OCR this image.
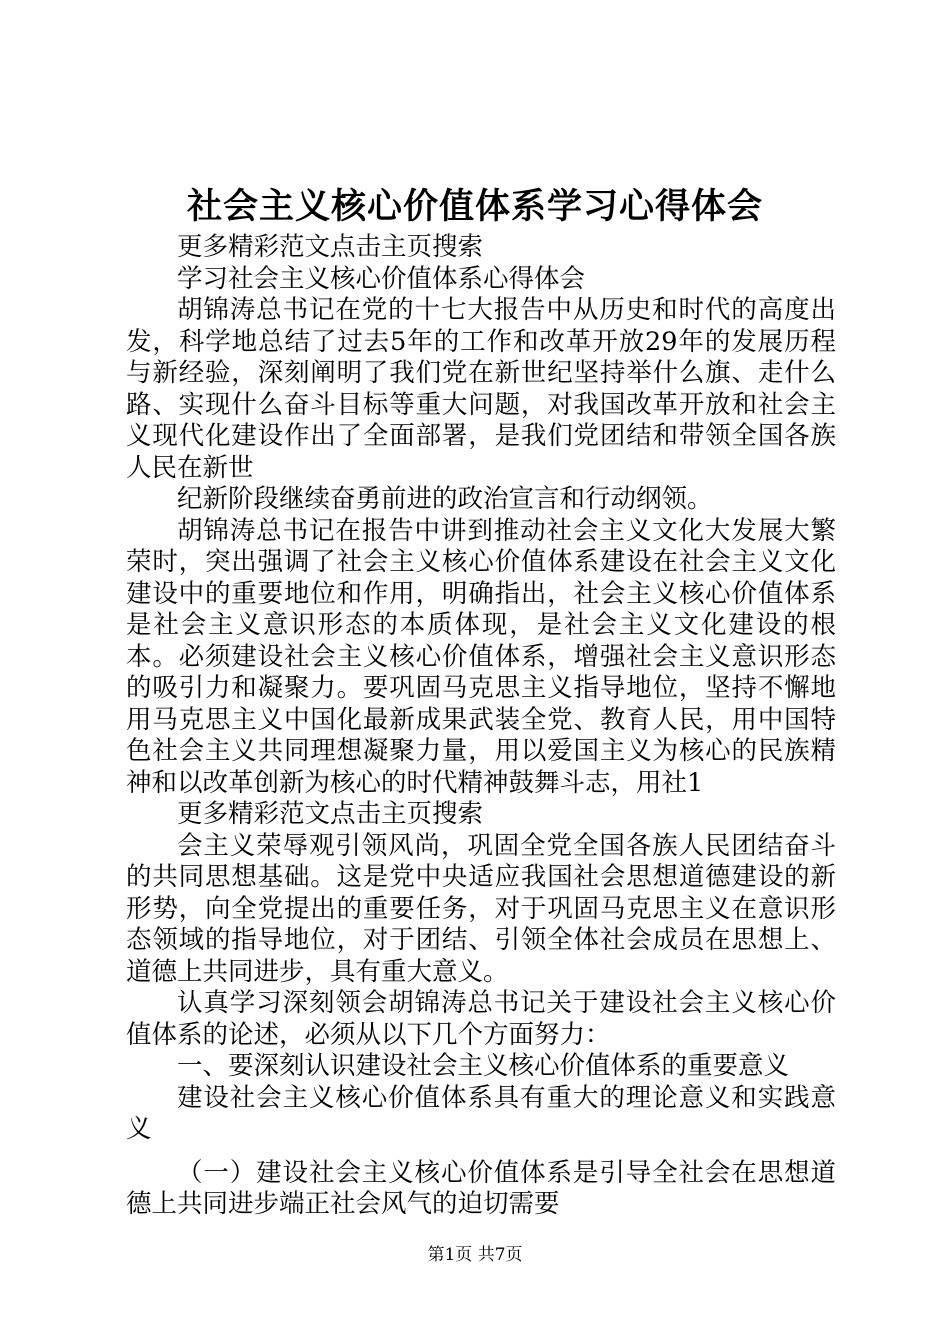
社会主义核心价值体系学习心得体会

更多精彩范文点击主页搜索

学习社会主义核心价值体系心得体会

胡锦涛总书记在党的十七大报告中从历史和时代的高度出发，科学地总结了过去5年的工作和改革开放29年的发展历程与新经验，深刻阐明了我们党在新世纪坚持举什么旗、走什么路、实现什么奋斗目标等重大问题，对我国改革开放和社会主义现代化建设作出了全面部署，是我们党团结和带领全国各族人民在新世

纪新阶段继续奋勇前进的政治宣言和行动纲领。

胡锦涛总书记在报告中讲到推动社会主义文化大发展大繁荣时，突出强调了社会主义核心价值体系建设在社会主义文化建设中的重要地位和作用，明确指出，社会主义核心价值体系是社会主义意识形态的本质体现，是社会主义文化建设的根本。必须建设社会主义核心价值体系，增强社会主义意识形态的吸引力和凝聚力。要巩固马克思主义指导地位，坚持不懈地用马克思主义中国化最新成果武装全党、教育人民，用中国特色社会主义共同理想凝聚力量，用以爱国主义为核心的民族精神和以改革创新为核心的时代精神鼓舞斗志，用社1

更多精彩范文点击主页搜索

会主义荣辱观引领风尚，巩固全党全国各族人民团结奋斗的共同思想基础。这是党中央适应我国社会思想道德建设的新形势，向全党提出的重要任务，对于巩固马克思主义在意识形态领域的指导地位，对于团结、引领全体社会成员在思想上、道德上共同进步，具有重大意义。

认真学习深刻领会胡锦涛总书记关于建设社会主义核心价值体系的论述，必须从以下几个方面努力：

一、要深刻认识建设社会主义核心价值体系的重要意义

建设社会主义核心价值体系具有重大的理论意义和实践意义

（一）建设社会主义核心价值体系是引导全社会在思想道德上共同进步端正社会风气的迫切需要

第1页 共7页
